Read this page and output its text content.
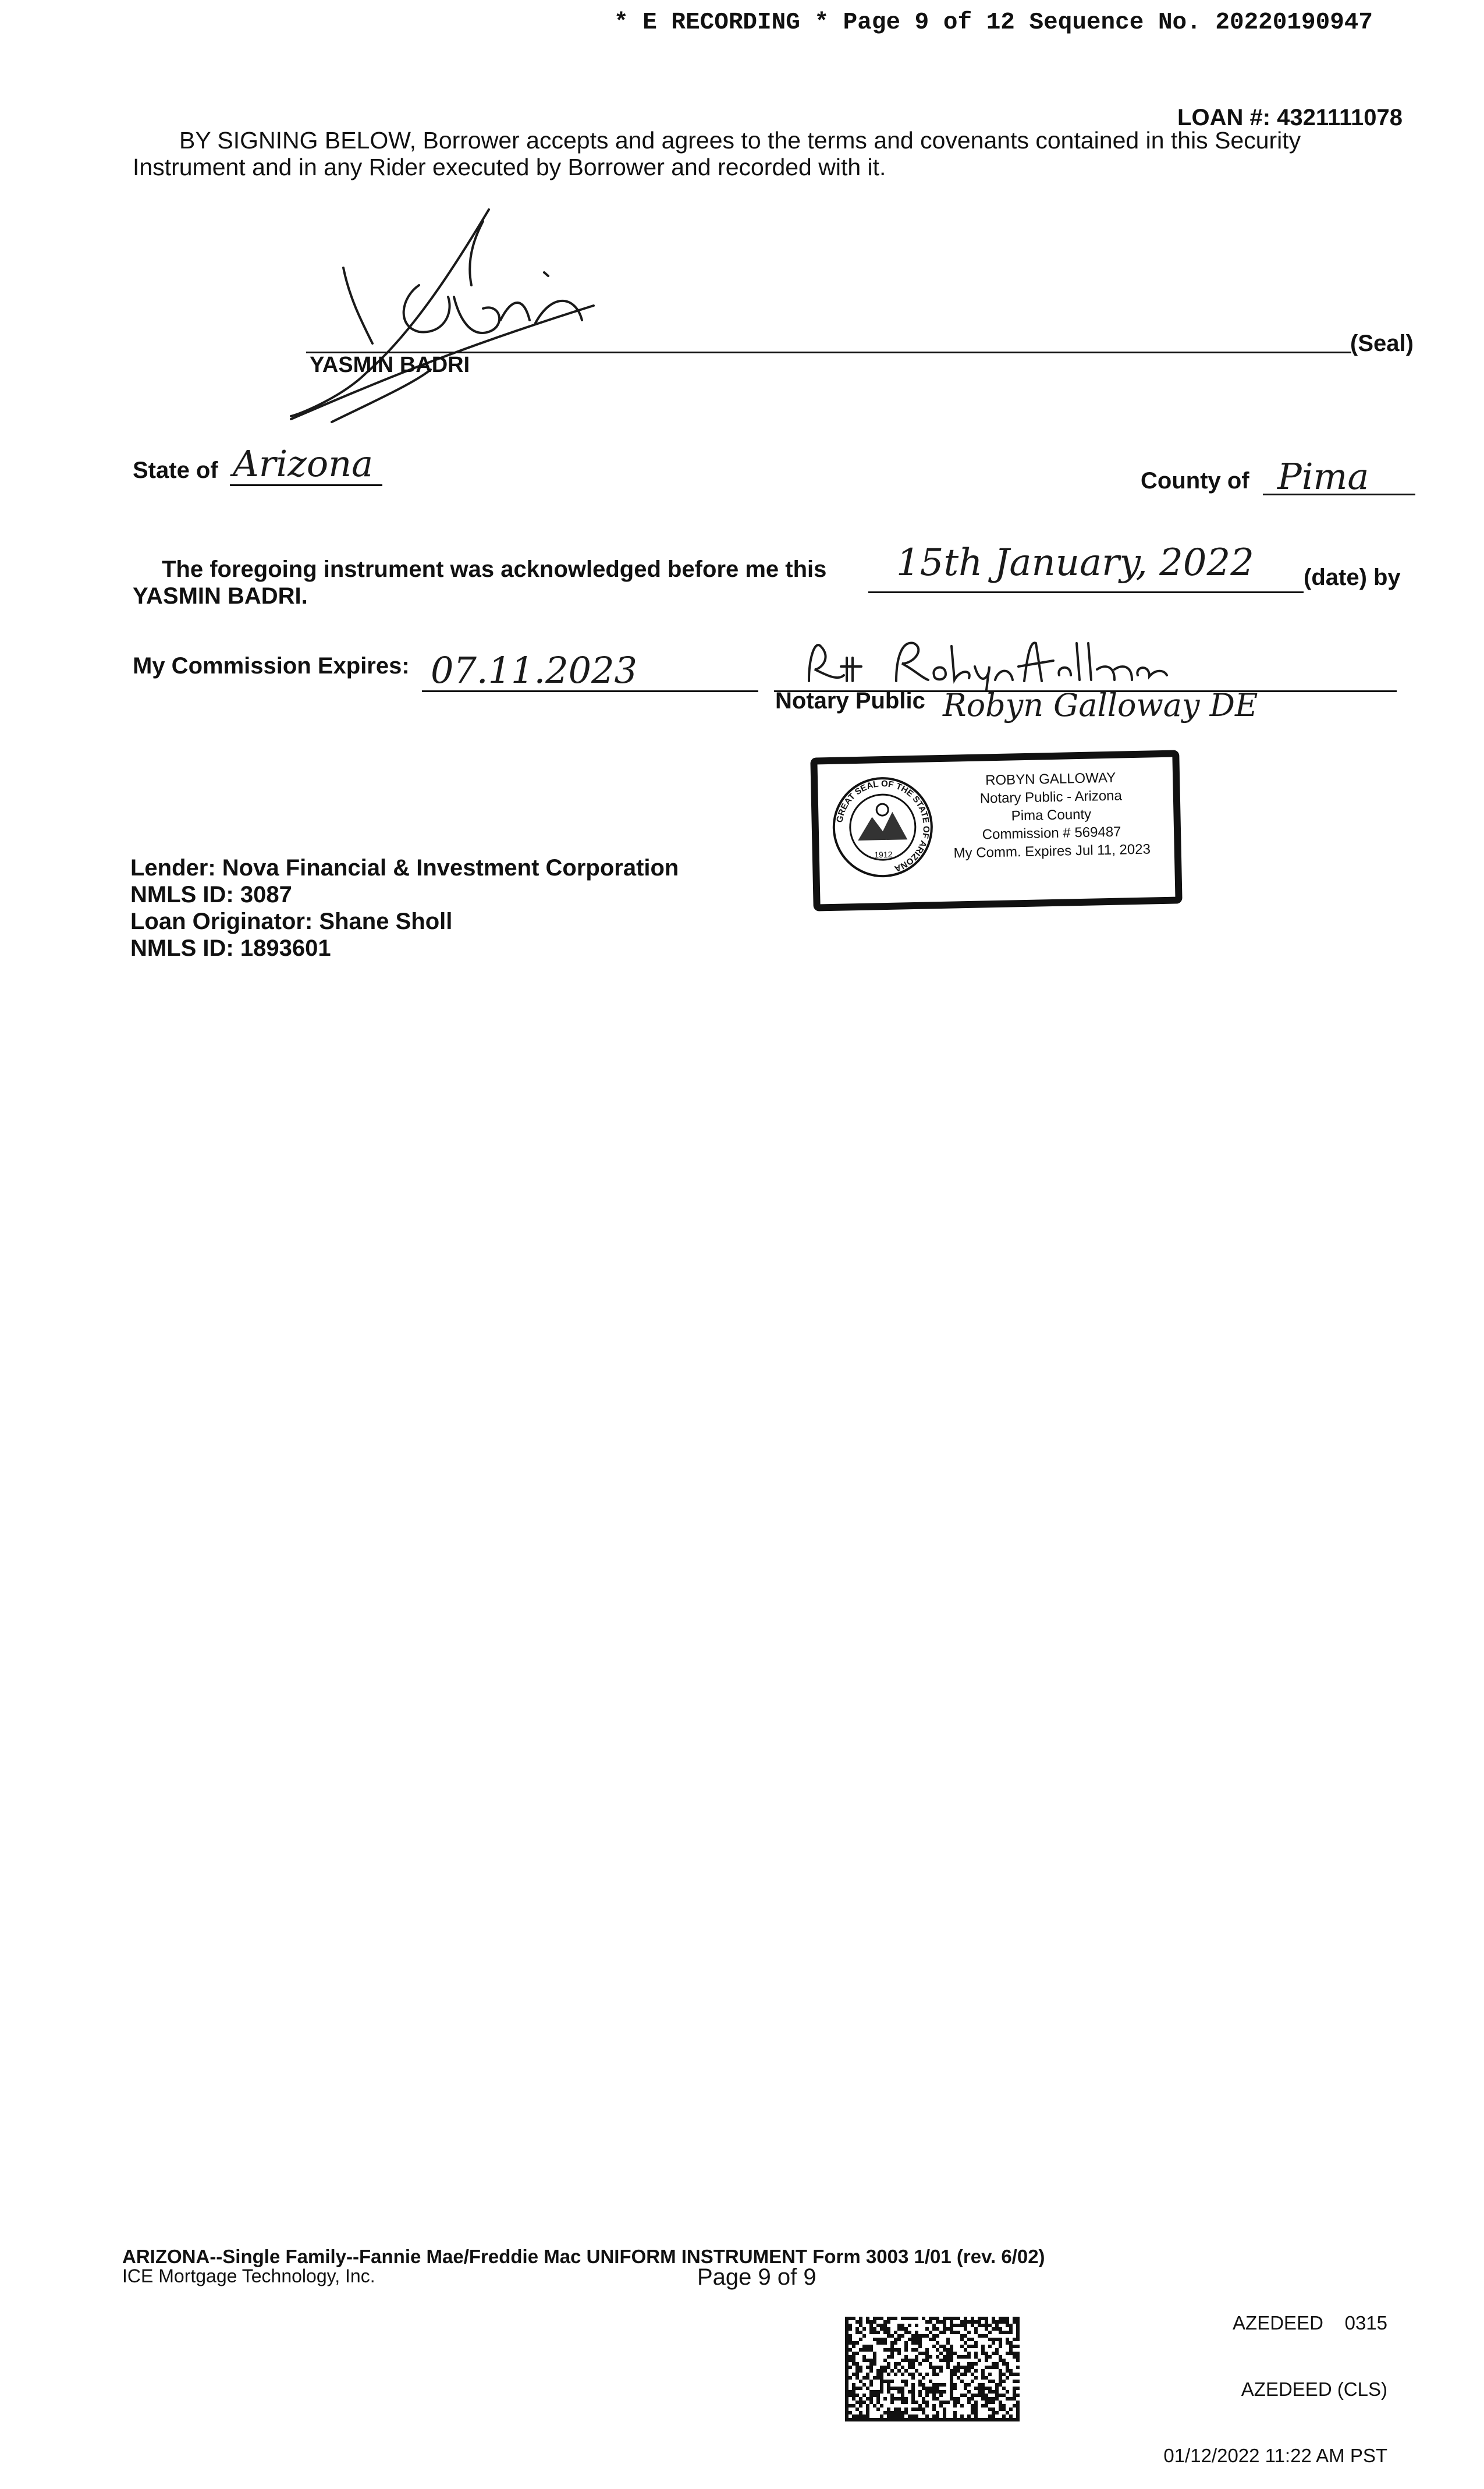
* E RECORDING * Page 9 of 12 Sequence No. 20220190947
LOAN #: 4321111078
BY SIGNING BELOW, Borrower accepts and agrees to the terms and covenants contained in this Security Instrument and in any Rider executed by Borrower and recorded with it.
YASMIN BADRI
(Seal)
State of Arizona	County of Pima
The foregoing instrument was acknowledged before me this 15th January, 2022 (date) by
YASMIN BADRI.
My Commission Expires: 07.11.2023
Notary Public Robyn Galloway DE
GREAT SEAL OF THE STATE OF ARIZONA
1912
ROBYN GALLOWAY
Notary Public - Arizona
Pima County
Commission # 569487
My Comm. Expires Jul 11, 2023
Lender: Nova Financial & Investment Corporation
NMLS ID: 3087
Loan Originator: Shane Sholl
NMLS ID: 1893601
ARIZONA--Single Family--Fannie Mae/Freddie Mac UNIFORM INSTRUMENT Form 3003 1/01 (rev. 6/02)
ICE Mortgage Technology, Inc.	Page 9 of 9

AZEDEED    0315

AZEDEED (CLS)

01/12/2022 11:22 AM PST
